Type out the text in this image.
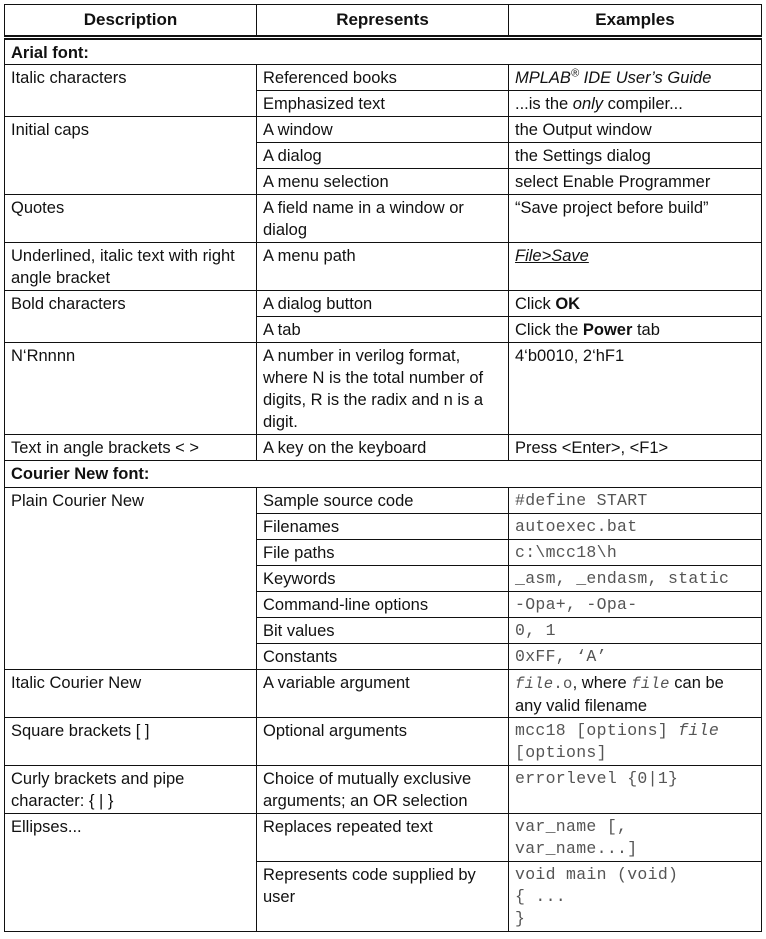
Description	Represents	Examples
Arial font:		
Italic characters	Referenced books	MPLAB® IDE User’s Guide
	Emphasized text	...is the only compiler...
Initial caps	A window	the Output window
	A dialog	the Settings dialog
	A menu selection	select Enable Programmer
Quotes	A field name in a window or dialog	“Save project before build”
Underlined, italic text with right angle bracket	A menu path	File>Save
Bold characters	A dialog button	Click OK
	A tab	Click the Power tab
N‘Rnnnn	A number in verilog format, where N is the total number of digits, R is the radix and n is a digit.	4‘b0010, 2‘hF1
Text in angle brackets < >	A key on the keyboard	Press <Enter>, <F1>
Courier New font:		
Plain Courier New	Sample source code	#define START
	Filenames	autoexec.bat
	File paths	c:\mcc18\h
	Keywords	_asm, _endasm, static
	Command-line options	-Opa+, -Opa-
	Bit values	0, 1
	Constants	0xFF, ‘A’
Italic Courier New	A variable argument	file.o, where file can be any valid filename
Square brackets [ ]	Optional arguments	mcc18 [options] file
[options]
Curly brackets and pipe character: { | }	Choice of mutually exclusive arguments; an OR selection	errorlevel {0|1}
Ellipses...	Replaces repeated text	var_name [,
var_name...]
	Represents code supplied by user	void main (void)
{ ...
}
